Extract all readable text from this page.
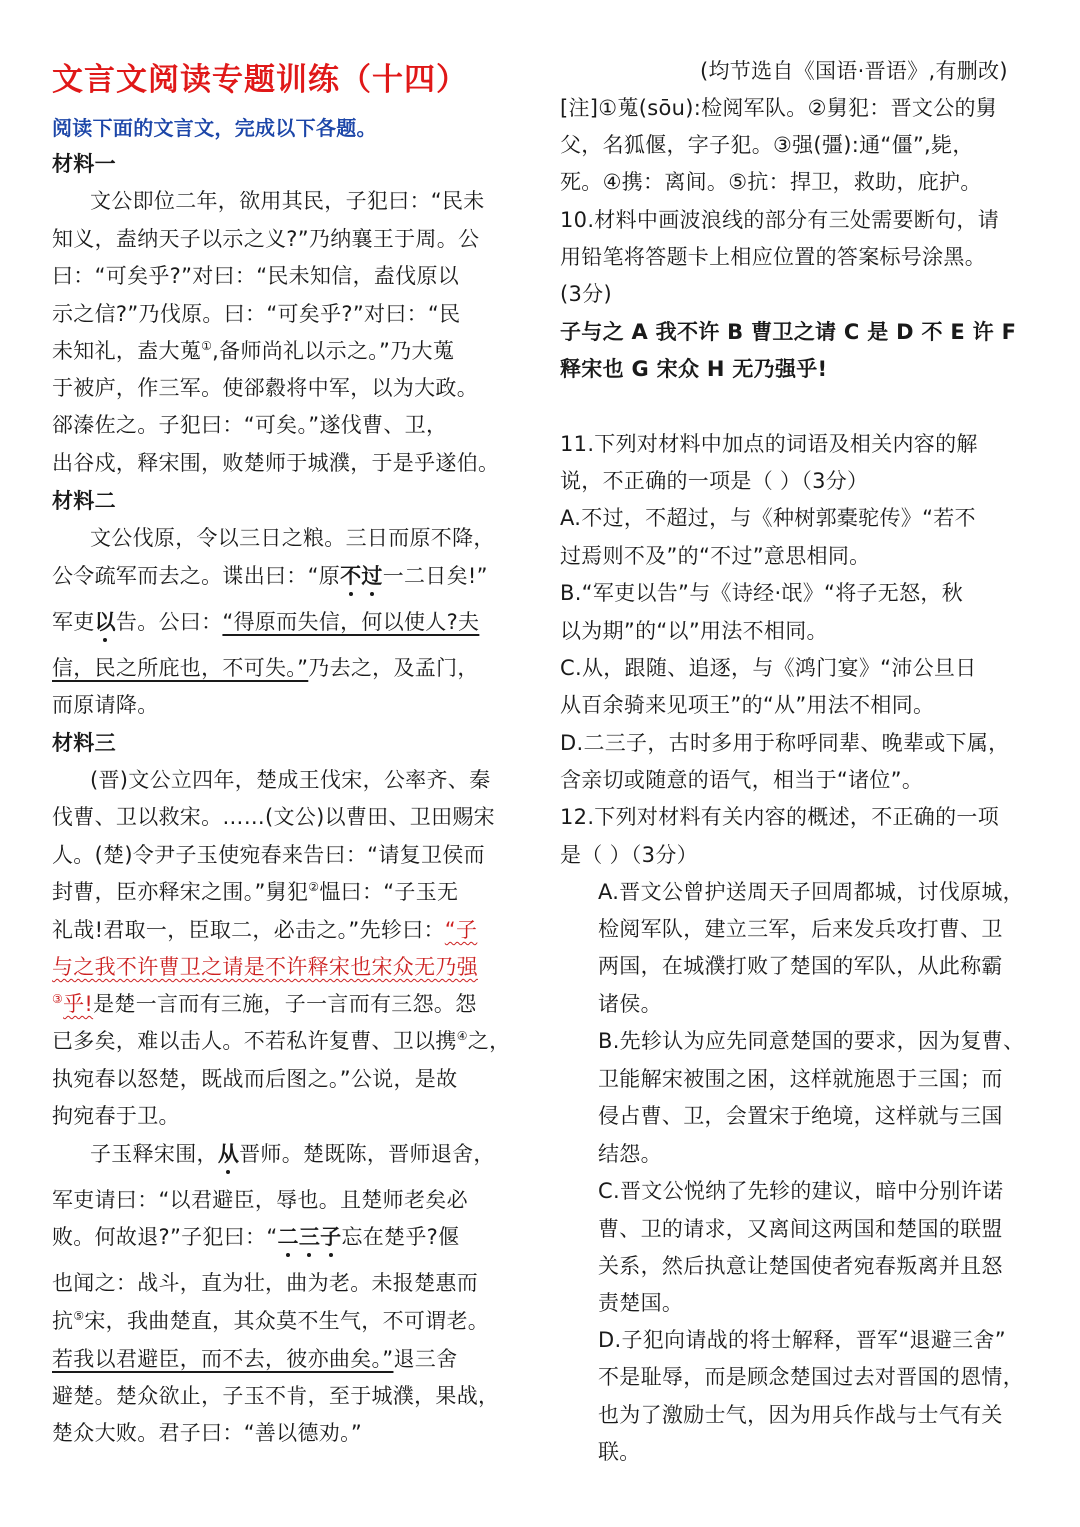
文言文阅读专题训练（十四）
阅读下面的文言文，完成以下各题。
材料一
文公即位二年，欲用其民，子犯曰：“民未
知义，盍纳天子以示之义?”乃纳襄王于周。公
曰：“可矣乎?”对曰：“民未知信，盍伐原以
示之信?”乃伐原。曰：“可矣乎?”对曰：“民
未知礼，盍大蒐①,备师尚礼以示之。”乃大蒐
于被庐，作三军。使郤縠将中军，以为大政。
郤溱佐之。子犯曰：“可矣。”遂伐曹、卫，
出谷戍，释宋围，败楚师于城濮，于是乎遂伯。
材料二
文公伐原，令以三日之粮。三日而原不降，
公令疏军而去之。谍出曰：“原不过一二日矣!”
军吏以告。公曰：“得原而失信，何以使人?夫
信，民之所庇也，不可失。”乃去之，及孟门，
而原请降。
材料三
(晋)文公立四年，楚成王伐宋，公率齐、秦
伐曹、卫以救宋。……(文公)以曹田、卫田赐宋
人。(楚)令尹子玉使宛春来告曰：“请复卫侯而
封曹，臣亦释宋之围。”舅犯②愠曰：“子玉无
礼哉!君取一，臣取二，必击之。”先轸曰：“子
与之我不许曹卫之请是不许释宋也宋众无乃强
③乎!是楚一言而有三施，子一言而有三怨。怨
已多矣，难以击人。不若私许复曹、卫以携④之，
执宛春以怒楚，既战而后图之。”公说，是故
拘宛春于卫。
子玉释宋围，从晋师。楚既陈，晋师退舍，
军吏请曰：“以君避臣，辱也。且楚师老矣必
败。何故退?”子犯曰：“二三子忘在楚乎?偃
也闻之：战斗，直为壮，曲为老。未报楚惠而
抗⑤宋，我曲楚直，其众莫不生气，不可谓老。
若我以君避臣，而不去，彼亦曲矣。”退三舍
避楚。楚众欲止，子玉不肯，至于城濮，果战，
楚众大败。君子曰：“善以德劝。”
(均节选自《国语·晋语》,有删改)
[注]①蒐(sōu):检阅军队。②舅犯：晋文公的舅
父，名狐偃，字子犯。③强(彊):通“僵”,毙，
死。④携：离间。⑤抗：捍卫，救助，庇护。
10.材料中画波浪线的部分有三处需要断句，请
用铅笔将答题卡上相应位置的答案标号涂黑。
(3分)
子与之 A 我不许 B 曹卫之请 C 是 D 不 E 许 F
释宋也 G 宋众 H 无乃强乎!
11.下列对材料中加点的词语及相关内容的解
说，不正确的一项是（ ）（3分）
A.不过，不超过，与《种树郭橐驼传》“若不
过焉则不及”的“不过”意思相同。
B.“军吏以告”与《诗经·氓》“将子无怒，秋
以为期”的“以”用法不相同。
C.从，跟随、追逐，与《鸿门宴》“沛公旦日
从百余骑来见项王”的“从”用法不相同。
D.二三子，古时多用于称呼同辈、晚辈或下属，
含亲切或随意的语气，相当于“诸位”。
12.下列对材料有关内容的概述，不正确的一项
是（ ）（3分）
A.晋文公曾护送周天子回周都城，讨伐原城，
检阅军队，建立三军，后来发兵攻打曹、卫
两国，在城濮打败了楚国的军队，从此称霸
诸侯。
B.先轸认为应先同意楚国的要求，因为复曹、
卫能解宋被围之困，这样就施恩于三国；而
侵占曹、卫，会置宋于绝境，这样就与三国
结怨。
C.晋文公悦纳了先轸的建议，暗中分别许诺
曹、卫的请求，又离间这两国和楚国的联盟
关系，然后执意让楚国使者宛春叛离并且怒
责楚国。
D.子犯向请战的将士解释，晋军“退避三舍”
不是耻辱，而是顾念楚国过去对晋国的恩情，
也为了激励士气，因为用兵作战与士气有关
联。
